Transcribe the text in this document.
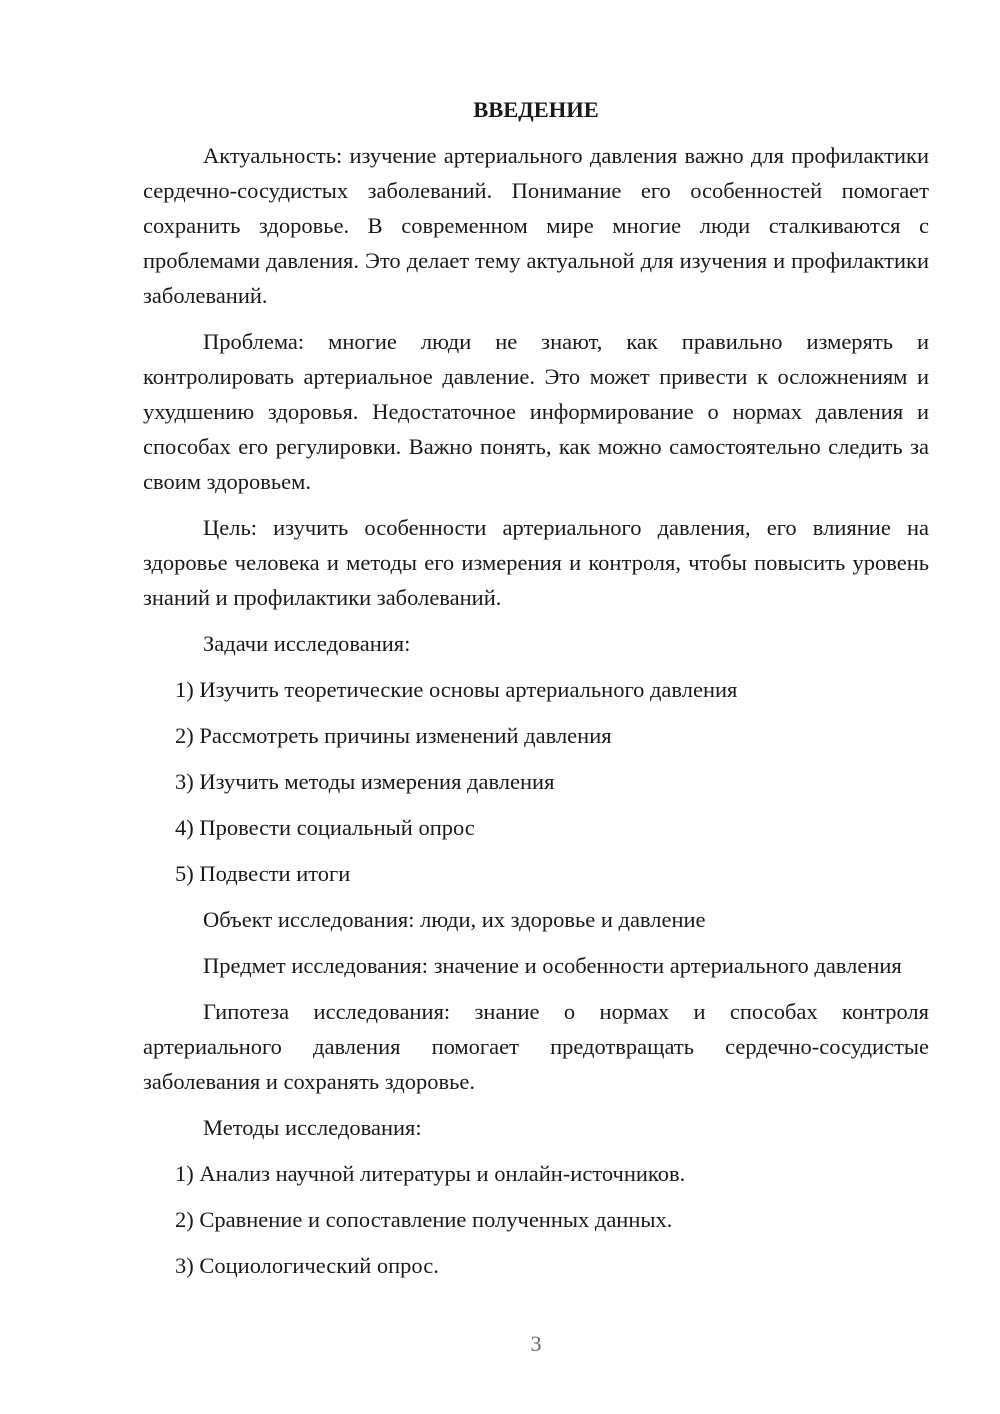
ВВЕДЕНИЕ

Актуальность: изучение артериального давления важно для профилактики сердечно-сосудистых заболеваний. Понимание его особенностей помогает сохранить здоровье. В современном мире многие люди сталкиваются с проблемами давления. Это делает тему актуальной для изучения и профилактики заболеваний.

Проблема: многие люди не знают, как правильно измерять и контролировать артериальное давление. Это может привести к осложнениям и ухудшению здоровья. Недостаточное информирование о нормах давления и способах его регулировки. Важно понять, как можно самостоятельно следить за своим здоровьем.

Цель: изучить особенности артериального давления, его влияние на здоровье человека и методы его измерения и контроля, чтобы повысить уровень знаний и профилактики заболеваний.

Задачи исследования:

1) Изучить теоретические основы артериального давления

2) Рассмотреть причины изменений давления

3) Изучить методы измерения давления

4) Провести социальный опрос

5) Подвести итоги

Объект исследования: люди, их здоровье и давление

Предмет исследования: значение и особенности артериального давления

Гипотеза исследования: знание о нормах и способах контроля артериального давления помогает предотвращать сердечно-сосудистые заболевания и сохранять здоровье.

Методы исследования:

1) Анализ научной литературы и онлайн-источников.

2) Сравнение и сопоставление полученных данных.

3) Социологический опрос.

3
